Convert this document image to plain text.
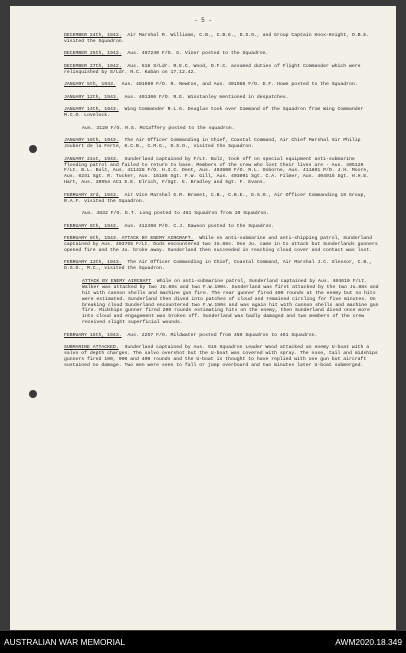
- 5 -

DECEMBER 24th, 1942. Air Marshal R. Williams, C.B., C.B.E., D.S.O., and Group Captain Knox-Knight, O.B.E. visited the Squadron.

DECEMBER 25th, 1942. Aus. 407240 F/O. G. Viner posted to the Squadron.

DECEMBER 27th, 1942. Aus. 516 S/Ldr. R.E.C. Wood, D.F.C. assumed duties of Flight Commander which were relinquished by S/Ldr. R.C. Kaban on 17.12.42.

JANUARY 5th, 1943. Aus. 401999 F/O. R. Newton, and Aus. 401986 F/O. D.F. Howe posted to the Squadron.

JANUARY 12th, 1943. Aus. 401306 F/O. R.E. Winstanley mentioned in despatches.

JANUARY 14th, 1943. Wing Commander R.L.G. Douglas took over Command of the Squadron from Wing Commander M.C.O. Lovelock.

Aus. 3120 F/O. R.S. McCaffery posted to the squadron.

JANUARY 18th, 1943. The Air Officer Commanding in Chief, Coastal Command, Air Chief Marshal Sir Philip Joubert de la Ferte, K.C.B., C.M.G., D.S.O., visited the Squadron.

JANUARY 21st, 1943. Sunderland captained by F/Lt. Bulz, took off on special equipment anti-submarine flooding patrol and failed to return to base. Members of the crew who lost their lives are - Aus. 405129 F/Lt. B.L. Bulz, Aus. 411428 F/O. H.I.C. Dent, Aus. 403600 F/O. R.L. Osborne, Aus. 411801 P/O. J.H. Moore, Aus. 6241 Sgt. R. Tucker, Aus. 15186 Sgt. F.W. Gill, Aus. 403091 Sgt. C.A. Filmer, Aus. 404915 Sgt. H.H.E. Hart, Aus. 30954 AC1 E.E. Elrich, F/Sgt. E. Bradley and Sgt. F. Evans.

FEBRUARY 3rd, 1943. Air Vice Marshal G.R. Bromet, C.B., C.B.E., D.S.O., Air Officer Commanding 19 Group, R.A.F. visited the Squadron.

Aus. 4832 F/O. E.T. Long posted to 461 Squadron from 10 Squadron.

FEBRUARY 6th, 1943. Aus. 412498 P/O. C.J. Dawson posted to the Squadron.

FEBRUARY 8th, 1943. ATTACK BY ENEMY AIRCRAFT. While on anti-submarine and anti-shipping patrol, Sunderland captained by Aus. 403765 F/Lt. Dods encountered two JU.88s. One Ju. came in to attack but Sunderlands gunners opened fire and the Ju. broke away. Sunderland then succeeded in reaching cloud cover and contact was lost.

FEBRUARY 13th, 1943. The Air Officer Commanding in Chief, Coastal Command, Air Marshal J.C. Slessor, C.B., D.S.O., M.C., visited the Squadron.

ATTACK BY ENEMY AIRCRAFT While on anti-submarine patrol, Sunderland captained by Aus. 404610 F/Lt. Walker was attacked by two JU.88s and two F.W.190s. Sunderland was first attacked by the two Ju.88s and hit with cannon shells and machine gun fire. The rear gunner fired 400 rounds at the enemy but no hits were estimated. Sunderland then dived into patches of cloud and remained circling for five minutes. On breaking cloud Sunderland encountered two F.W.190s and was again hit with cannon shells and machine gun fire. Midships gunner fired 200 rounds estimating hits on the enemy, then Sunderland dived once more into cloud and engagement was broken off. Sunderland was badly damaged and two members of the crew received slight superficial wounds.

FEBRUARY 15th, 1943. Aus. 2257 F/O. Mildwater posted from 460 Squadron to 461 Squadron.

SUBMARINE ATTACKED. Sunderland captained by Aus. 516 Squadron Leader Wood attacked an enemy U-boat with a salvo of depth charges. The salvo overshot but the U-boat was covered with spray. The nose, tail and midships gunners fired 100, 900 and 400 rounds and the U-boat is thought to have replied with one gun but aircraft sustained no damage. Two men were seen to fall or jump overboard and two minutes later U-boat submerged.

AUSTRALIAN WAR MEMORIAL	AWM2020.18.349
